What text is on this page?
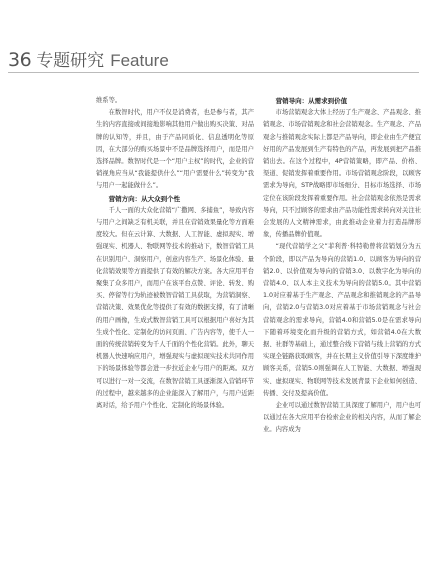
36 专题研究 Feature

维系等。

在数智时代，用户不仅是消费者，也是参与者，其产生的内容直接或间接地影响其他用户做出购买决策、对品牌的认知等，并且，由于产品同质化、信息透明化等原因，在大部分的购买场景中不是品牌选择用户，而是用户选择品牌。数智时代是一个“用户主权”的时代，企业的营销视角应当从“我能提供什么”“用户需要什么”转变为“我与用户一起能做什么”。

营销方向：从大众到个性

千人一面的大众化营销“广撒网、多捕鱼”，导致内容与用户之间缺乏有机关联，并且在营销效果量化等方面难度较大。但在云计算、大数据、人工智能、虚拟现实、增强现实、机器人、物联网等技术的推动下，数智营销工具在识别用户、洞察用户，创意内容生产、场景化体验、量化营销效果等方面提供了有效的解决方案。各大应用平台聚集了众多用户，而用户在该平台点赞、评论、转发、购买、停留等行为轨迹被数智营销工具获取，为营销洞察、营销决策、效果优化等提供了有效的数据支撑，有了清晰的用户画像，生成式数智营销工具可以根据用户喜好为其生成个性化、定制化的访问页面、广告内容等，使千人一面的传统营销转变为千人千面的个性化营销。此外，聊天机器人快速响应用户，增强现实与虚拟现实技术共同作用下的场景体验等都会进一步拉近企业与用户的距离。双方可以进行一对一交流，在数智营销工具逐渐深入营销环节的过程中，越来越多的企业能深入了解用户，与用户近距离对话，给予用户个性化、定制化的场景体验。

营销导向：从需求到价值

市场营销观念大体上经历了生产观念、产品观念、推销观念、市场营销观念和社会营销观念。生产观念、产品观念与推销观念实际上都是产品导向，即企业由生产便宜好用的产品发展到生产有特色的产品，再发展到把产品推销出去。在这个过程中，4P营销策略，即产品、价格、渠道、促销发挥着重要作用。市场营销观念阶段，以顾客需求为导向，STP战略即市场细分、目标市场选择、市场定位在该阶段发挥着重要作用。社会营销观念依然是需求导向，只不过顾客的需求由产品功能性需求转向对关注社会发展的人文精神需求，由此推动企业着力打造品牌形象，传播品牌价值观。

“现代营销学之父”菲利普·科特勒曾将营销划分为五个阶段，即以产品为导向的营销1.0、以顾客为导向的营销2.0、以价值观为导向的营销3.0、以数字化为导向的营销4.0、以人本主义技术为导向的营销5.0。其中营销1.0对应着基于生产观念、产品观念和推销观念的产品导向，营销2.0与营销3.0对应着基于市场营销观念与社会营销观念的需求导向，营销4.0和营销5.0是在需求导向下随着环境变化而升级的营销方式，如营销4.0在大数据、社群等基础上，通过整合线下营销与线上营销的方式实现全链路获取顾客，并在长期主义价值引导下深度维护顾客关系，营销5.0则强调在人工智能、大数据、增强现实、虚拟现实、物联网等技术发展背景下企业如何创造、传播、交付及提高价值。

企业可以通过数智营销工具深度了解用户，用户也可以通过在各大应用平台检索企业的相关内容，从而了解企业。内容成为
